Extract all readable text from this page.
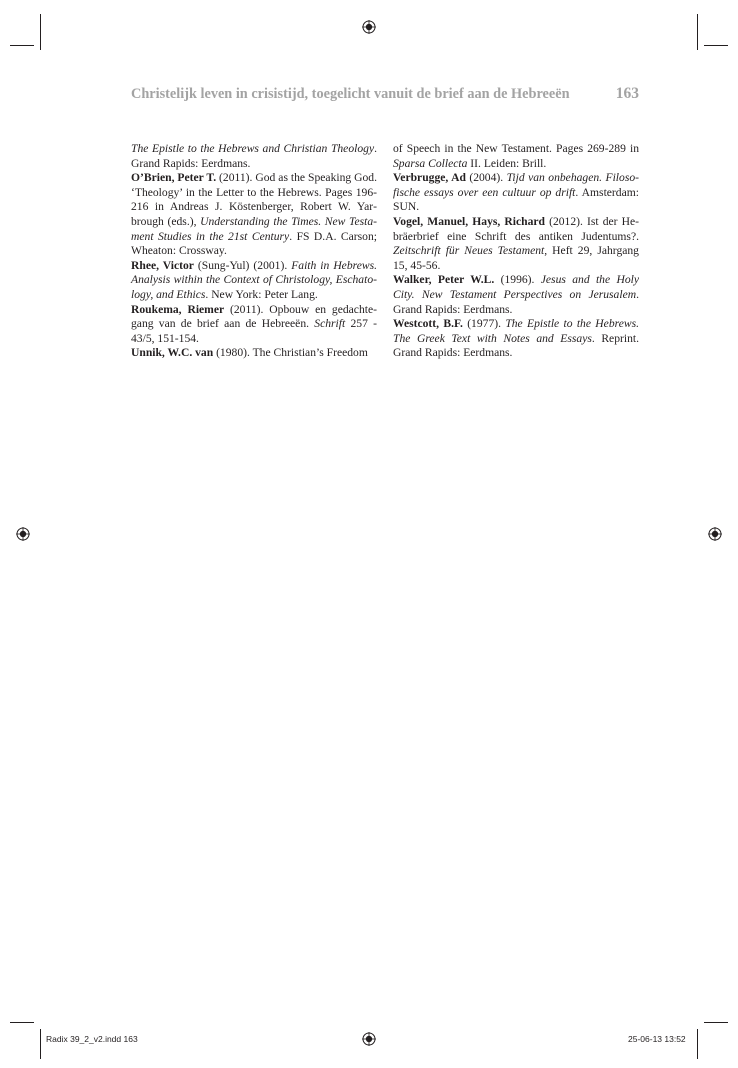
Christelijk leven in crisistijd, toegelicht vanuit de brief aan de Hebreeën	163

The Epistle to the Hebrews and Christian Theology. Grand Rapids: Eerdmans.

O’Brien, Peter T. (2011). God as the Speaking God. ‘Theology’ in the Letter to the Hebrews. Pages 196-216 in Andreas J. Köstenberger, Robert W. Yarbrough (eds.), Understanding the Times. New Testament Studies in the 21st Century. FS D.A. Carson; Wheaton: Crossway.

Rhee, Victor (Sung-Yul) (2001). Faith in Hebrews. Analysis within the Context of Christology, Eschatology, and Ethics. New York: Peter Lang.

Roukema, Riemer (2011). Opbouw en gedachtegang van de brief aan de Hebreeën. Schrift 257 - 43/5, 151-154.

Unnik, W.C. van (1980). The Christian’s Freedom

of Speech in the New Testament. Pages 269-289 in Sparsa Collecta II. Leiden: Brill.

Verbrugge, Ad (2004). Tijd van onbehagen. Filosofische essays over een cultuur op drift. Amsterdam: SUN.

Vogel, Manuel, Hays, Richard (2012). Ist der Hebräerbrief eine Schrift des antiken Judentums?. Zeitschrift für Neues Testament, Heft 29, Jahrgang 15, 45-56.

Walker, Peter W.L. (1996). Jesus and the Holy City. New Testament Perspectives on Jerusalem. Grand Rapids: Eerdmans.

Westcott, B.F. (1977). The Epistle to the Hebrews. The Greek Text with Notes and Essays. Reprint. Grand Rapids: Eerdmans.

Radix 39_2_v2.indd 163	25-06-13 13:52
